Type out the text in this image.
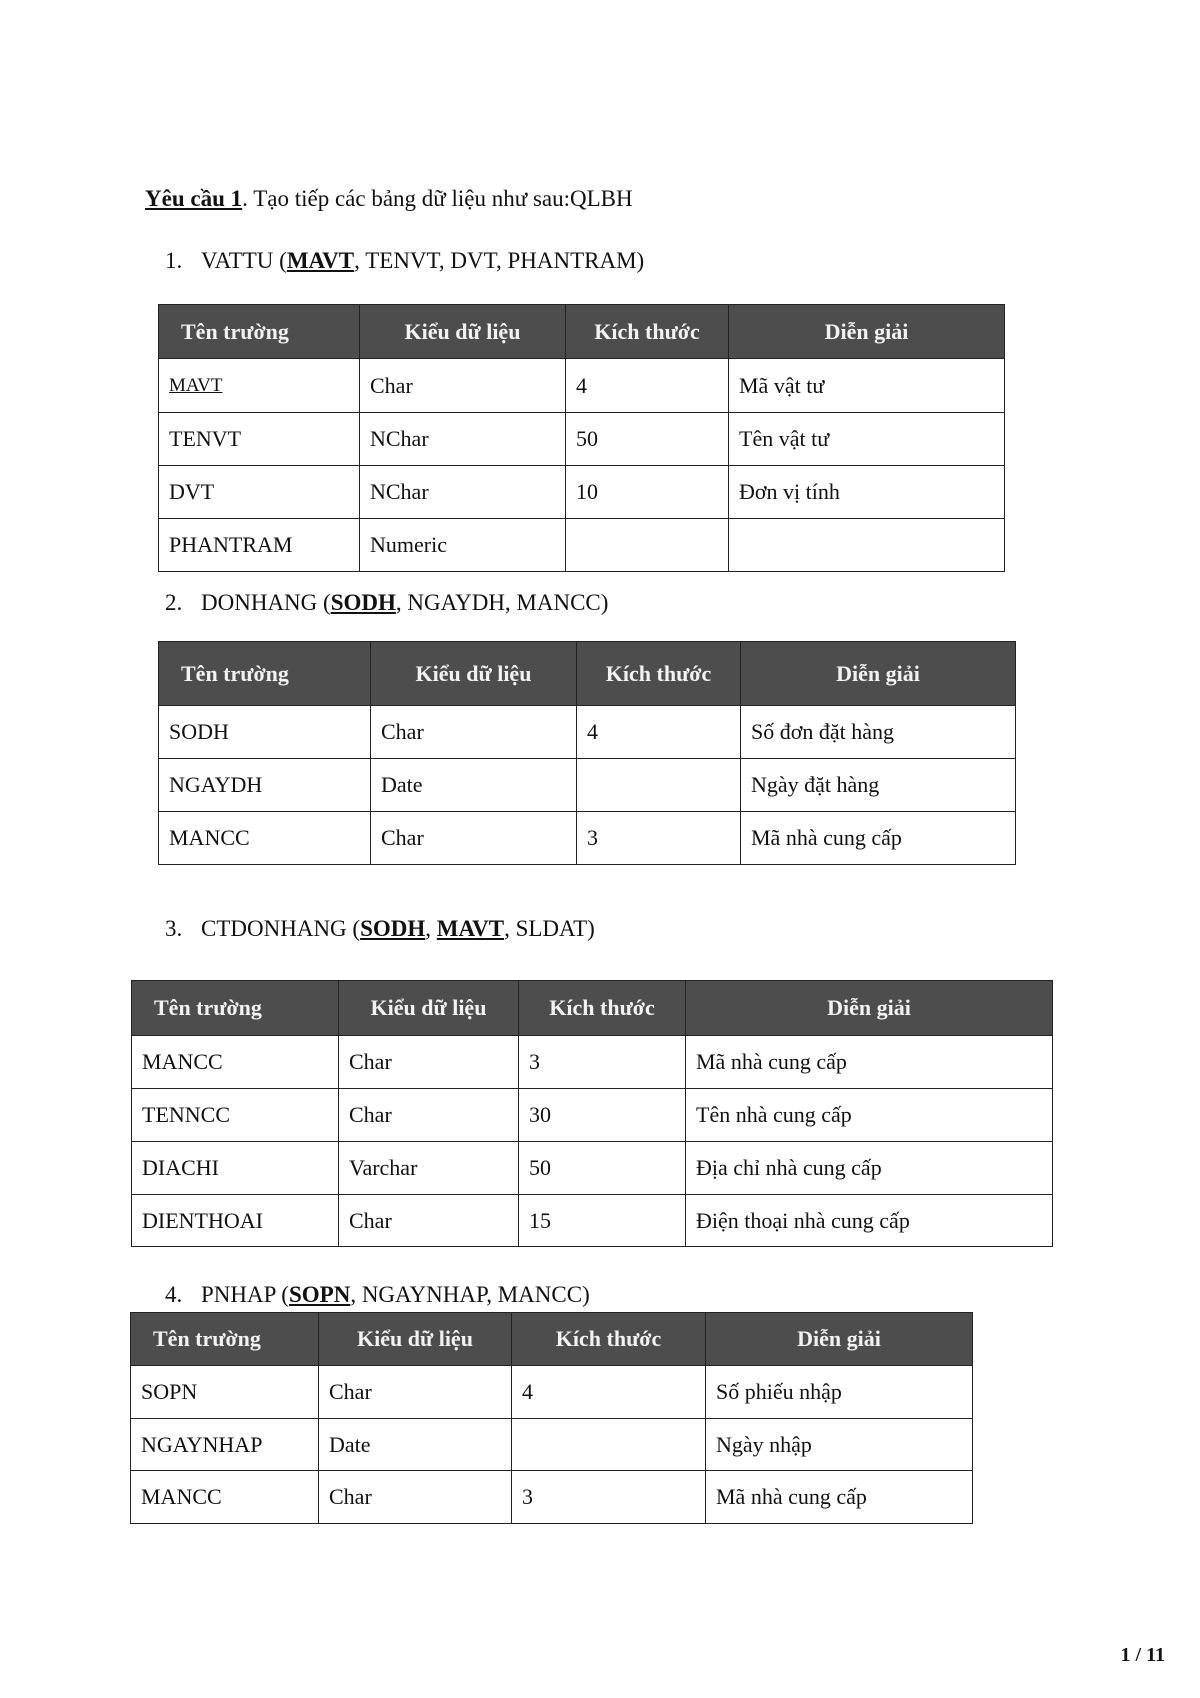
Yêu cầu 1. Tạo tiếp các bảng dữ liệu như sau:QLBH
1. VATTU (MAVT, TENVT, DVT, PHANTRAM)
Tên trường	Kiểu dữ liệu	Kích thước	Diễn giải
MAVT	Char	4	Mã vật tư
TENVT	NChar	50	Tên vật tư
DVT	NChar	10	Đơn vị tính
PHANTRAM	Numeric		
2. DONHANG (SODH, NGAYDH, MANCC)
Tên trường	Kiểu dữ liệu	Kích thước	Diễn giải
SODH	Char	4	Số đơn đặt hàng
NGAYDH	Date		Ngày đặt hàng
MANCC	Char	3	Mã nhà cung cấp
3. CTDONHANG (SODH, MAVT, SLDAT)
Tên trường	Kiểu dữ liệu	Kích thước	Diễn giải
MANCC	Char	3	Mã nhà cung cấp
TENNCC	Char	30	Tên nhà cung cấp
DIACHI	Varchar	50	Địa chỉ nhà cung cấp
DIENTHOAI	Char	15	Điện thoại nhà cung cấp
4. PNHAP (SOPN, NGAYNHAP, MANCC)
Tên trường	Kiểu dữ liệu	Kích thước	Diễn giải
SOPN	Char	4	Số phiếu nhập
NGAYNHAP	Date		Ngày nhập
MANCC	Char	3	Mã nhà cung cấp
1 / 11
